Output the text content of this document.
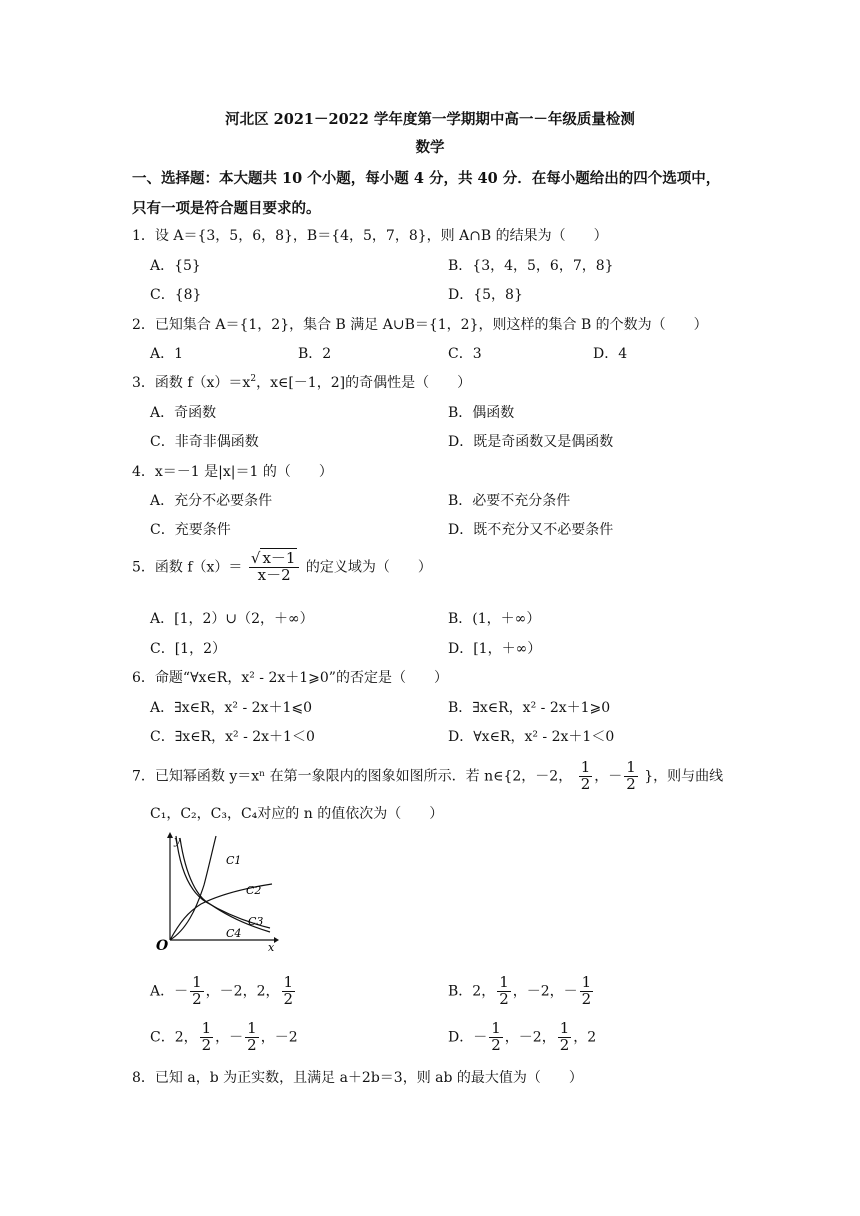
河北区 2021－2022 学年度第一学期期中高一－年级质量检测
数学
一、选择题：本大题共 10 个小题，每小题 4 分，共 40 分．在每小题给出的四个选项中，
只有一项是符合题目要求的。
1．设 A＝{3，5，6，8}，B＝{4，5，7，8}，则 A∩B 的结果为（　　）
A．{5}	B．{3，4，5，6，7，8}
C．{8}	D．{5，8}
2．已知集合 A＝{1，2}，集合 B 满足 A∪B＝{1，2}，则这样的集合 B 的个数为（　　）
A．1	B．2	C．3	D．4
3．函数 $f(x)=x^2$，x∈[－1，2]的奇偶性是（　　）
A．奇函数	B．偶函数
C．非奇非偶函数	D．既是奇函数又是偶函数
4．x＝－1 是|x|＝1 的（　　）
A．充分不必要条件	B．必要不充分条件
C．充要条件	D．既不充分又不必要条件
5．函数 $f(x)= \frac{√ x-1}{x-2}$ 的定义域为（　　）
A．[1，2）∪（2，＋∞）	B．(1，＋∞）
C．[1，2）	D．[1，＋∞）
6．命题“∀x∈R，x² - 2x＋1⩾0”的否定是（　　）
A．∃x∈R，x² - 2x＋1⩽0	B．∃x∈R，x² - 2x＋1⩾0
C．∃x∈R，x² - 2x＋1＜0	D．∀x∈R，x² - 2x＋1＜0
7．已知幂函数 y＝xⁿ 在第一象限内的图象如图所示．若 n∈{2，－2， $\frac{1}{2}$ ，－ $\frac{1}{2}$ }，则与曲线
C₁，C₂，C₃，C₄对应的 n 的值依次为（　　）
y
x
O
C1
C2
C3
C4
A．－ $\frac{1}{2}$ ，－2，2， $\frac{1}{2}$	B．2， $\frac{1}{2}$ ，－2，－ $\frac{1}{2}$
C．2， $\frac{1}{2}$ ，－ $\frac{1}{2}$ ，－2	D．－ $\frac{1}{2}$ ，－2， $\frac{1}{2}$ ，2
8．已知 a，b 为正实数，且满足 a＋2b＝3，则 ab 的最大值为（　　）
